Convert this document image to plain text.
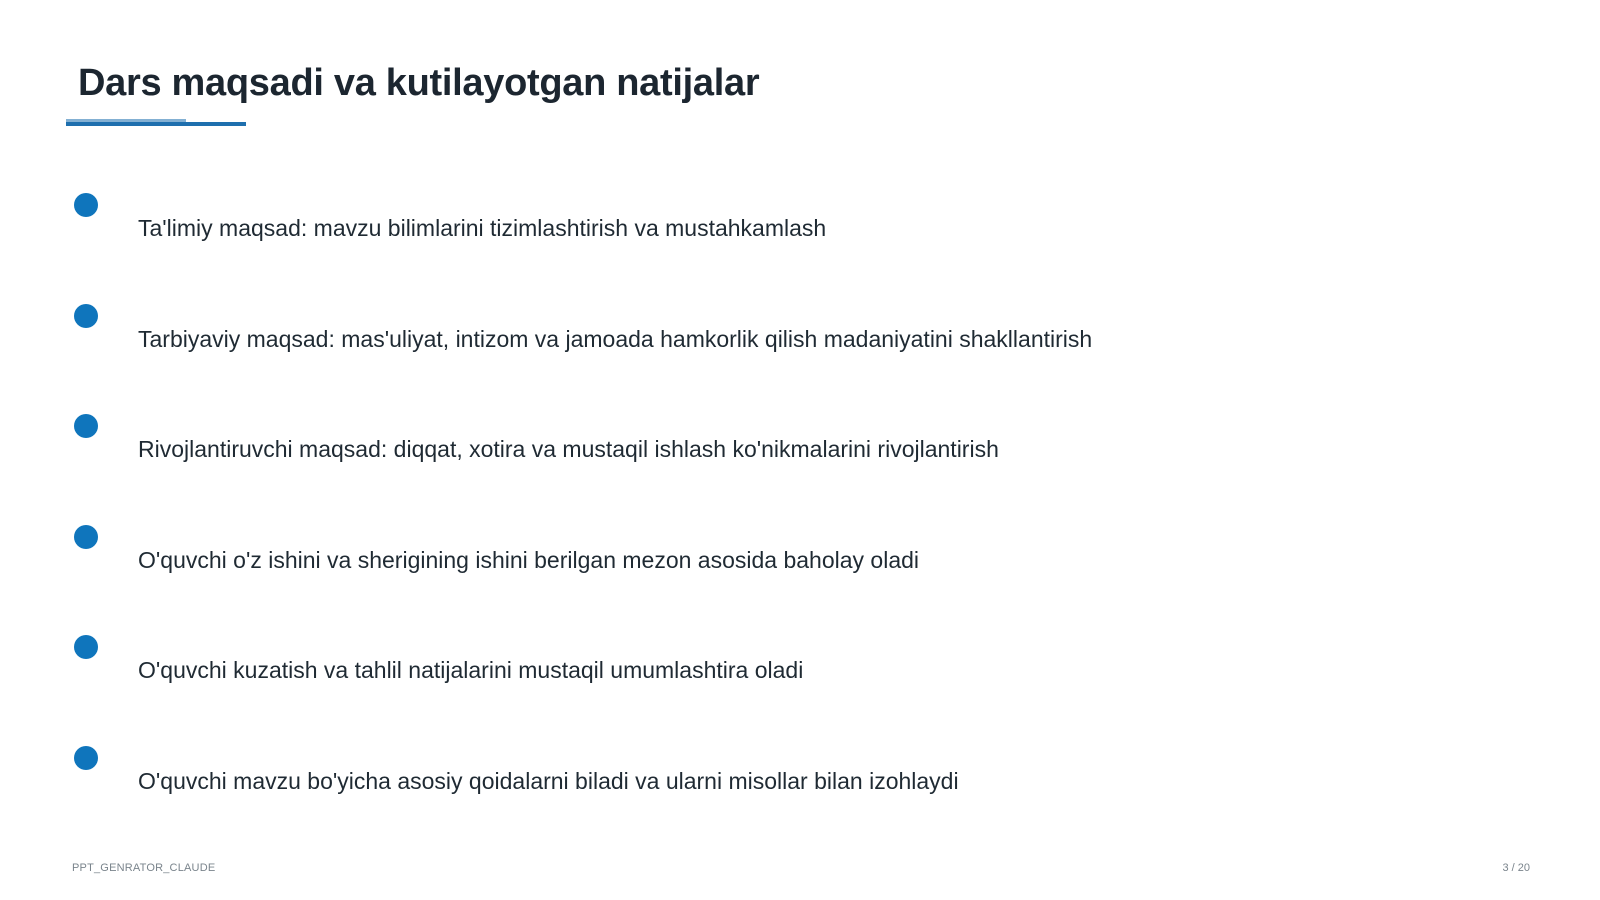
Dars maqsadi va kutilayotgan natijalar
Ta'limiy maqsad: mavzu bilimlarini tizimlashtirish va mustahkamlash
Tarbiyaviy maqsad: mas'uliyat, intizom va jamoada hamkorlik qilish madaniyatini shakllantirish
Rivojlantiruvchi maqsad: diqqat, xotira va mustaqil ishlash ko'nikmalarini rivojlantirish
O'quvchi o'z ishini va sherigining ishini berilgan mezon asosida baholay oladi
O'quvchi kuzatish va tahlil natijalarini mustaqil umumlashtira oladi
O'quvchi mavzu bo'yicha asosiy qoidalarni biladi va ularni misollar bilan izohlaydi
PPT_GENRATOR_CLAUDE	3 / 20
